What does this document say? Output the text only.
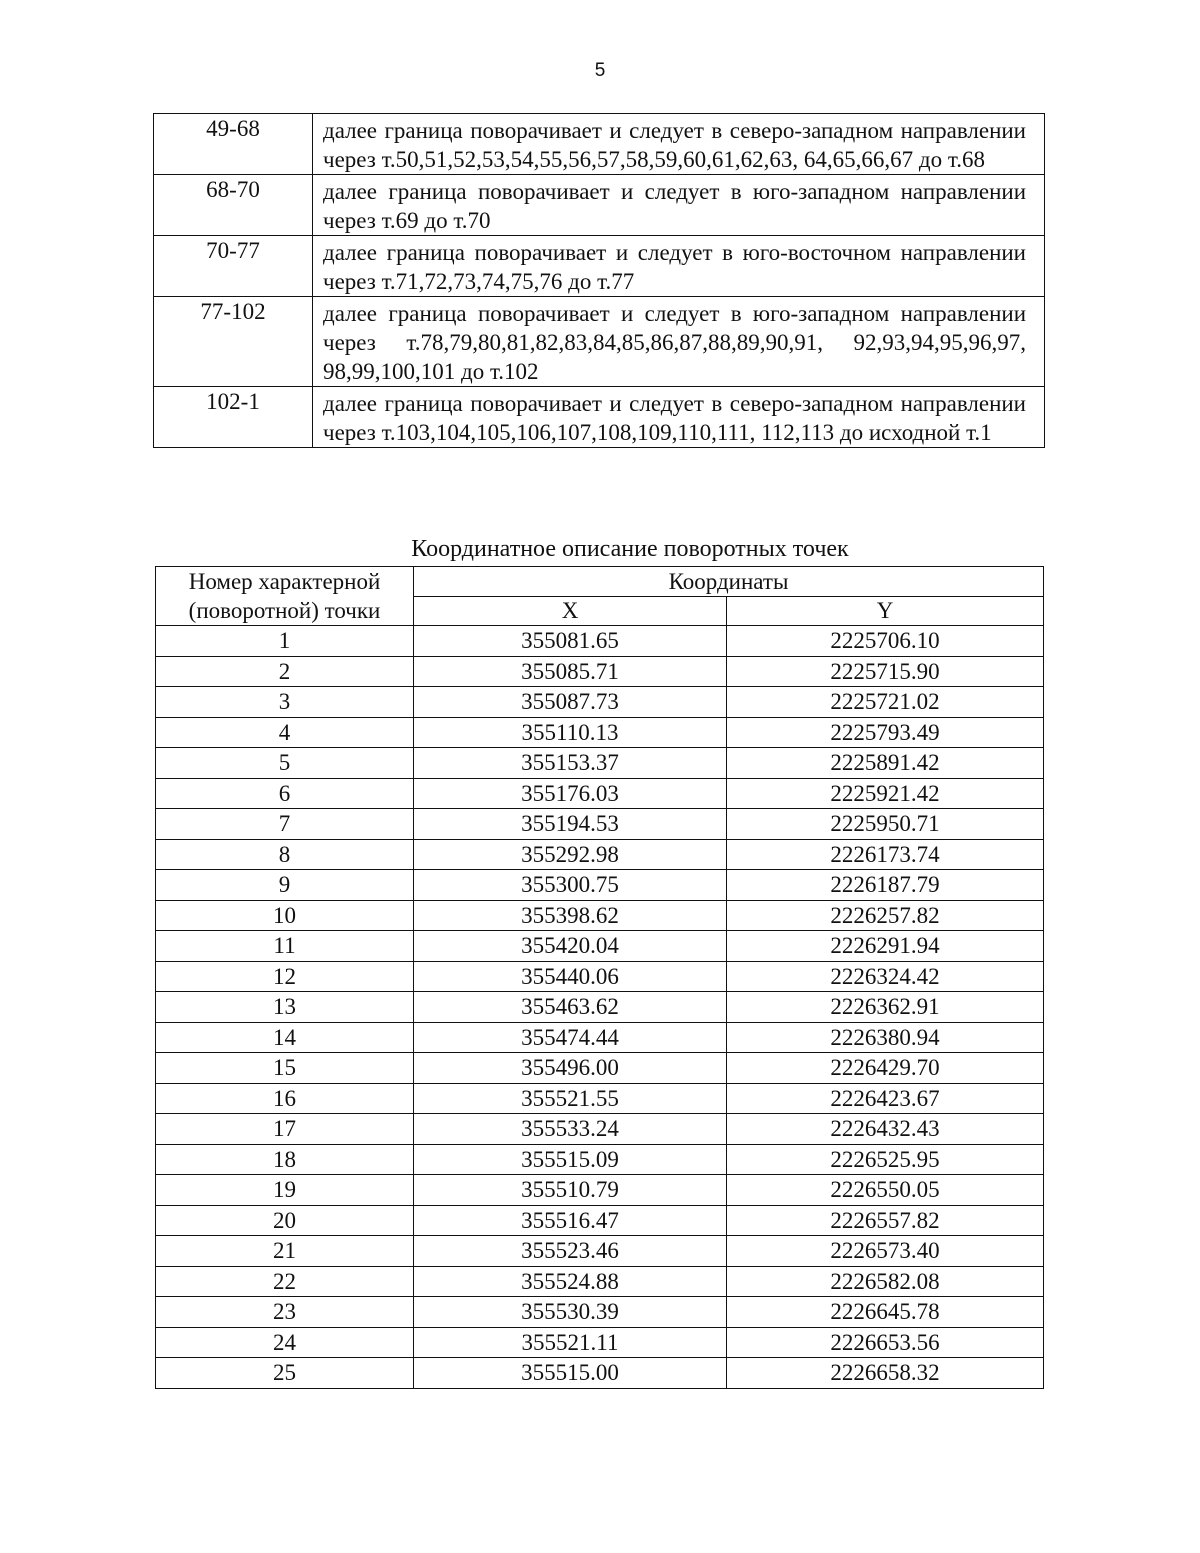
5
49-68	далее граница поворачивает и следует в северо-западном направлении через т.50,51,52,53,54,55,56,57,58,59,60,61,62,63, 64,65,66,67 до т.68
68-70	далее граница поворачивает и следует в юго-западном направлении через т.69 до т.70
70-77	далее граница поворачивает и следует в юго-восточном направлении через т.71,72,73,74,75,76 до т.77
77-102	далее граница поворачивает и следует в юго-западном направлении через т.78,79,80,81,82,83,84,85,86,87,88,89,90,91, 92,93,94,95,96,97, 98,99,100,101 до т.102
102-1	далее граница поворачивает и следует в северо-западном направлении через т.103,104,105,106,107,108,109,110,111, 112,113 до исходной т.1
Координатное описание поворотных точек
Номер характерной (поворотной) точки	Координаты	
	X	Y
1	355081.65	2225706.10
2	355085.71	2225715.90
3	355087.73	2225721.02
4	355110.13	2225793.49
5	355153.37	2225891.42
6	355176.03	2225921.42
7	355194.53	2225950.71
8	355292.98	2226173.74
9	355300.75	2226187.79
10	355398.62	2226257.82
11	355420.04	2226291.94
12	355440.06	2226324.42
13	355463.62	2226362.91
14	355474.44	2226380.94
15	355496.00	2226429.70
16	355521.55	2226423.67
17	355533.24	2226432.43
18	355515.09	2226525.95
19	355510.79	2226550.05
20	355516.47	2226557.82
21	355523.46	2226573.40
22	355524.88	2226582.08
23	355530.39	2226645.78
24	355521.11	2226653.56
25	355515.00	2226658.32
